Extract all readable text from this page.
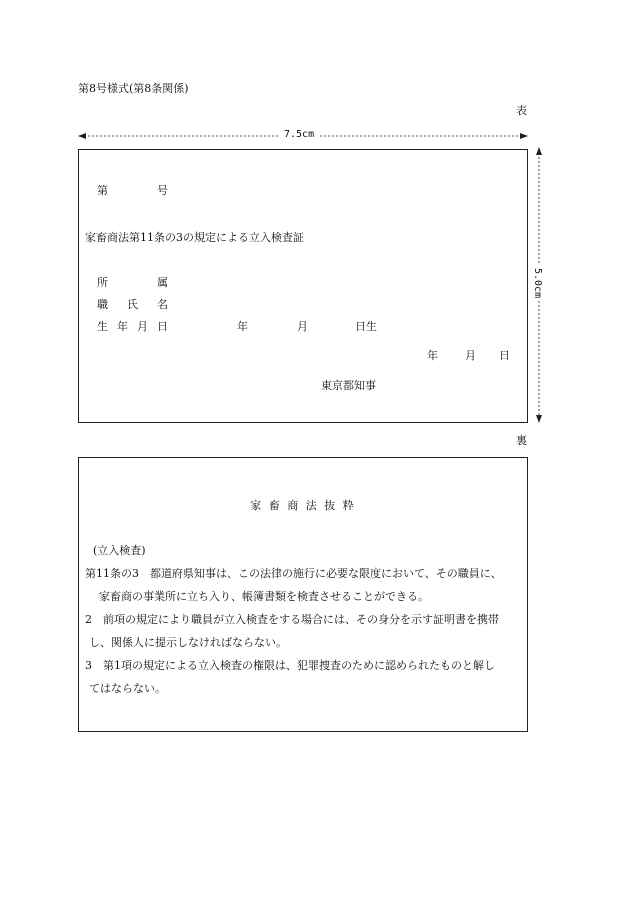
第8号様式(第8条関係)
表
7.5cm
5.0cm
第	号
家畜商法第11条の3の規定による立入検査証
所	属
職 氏 名
生 年 月 日	年	月	日生
年 月 日
東京都知事
裏
家 畜 商 法 抜 粋
(立入検査)
第11条の3　都道府県知事は、この法律の施行に必要な限度において、その職員に、
家畜商の事業所に立ち入り、帳簿書類を検査させることができる。
2　前項の規定により職員が立入検査をする場合には、その身分を示す証明書を携帯
し、関係人に提示しなければならない。
3　第1項の規定による立入検査の権限は、犯罪捜査のために認められたものと解し
てはならない。
